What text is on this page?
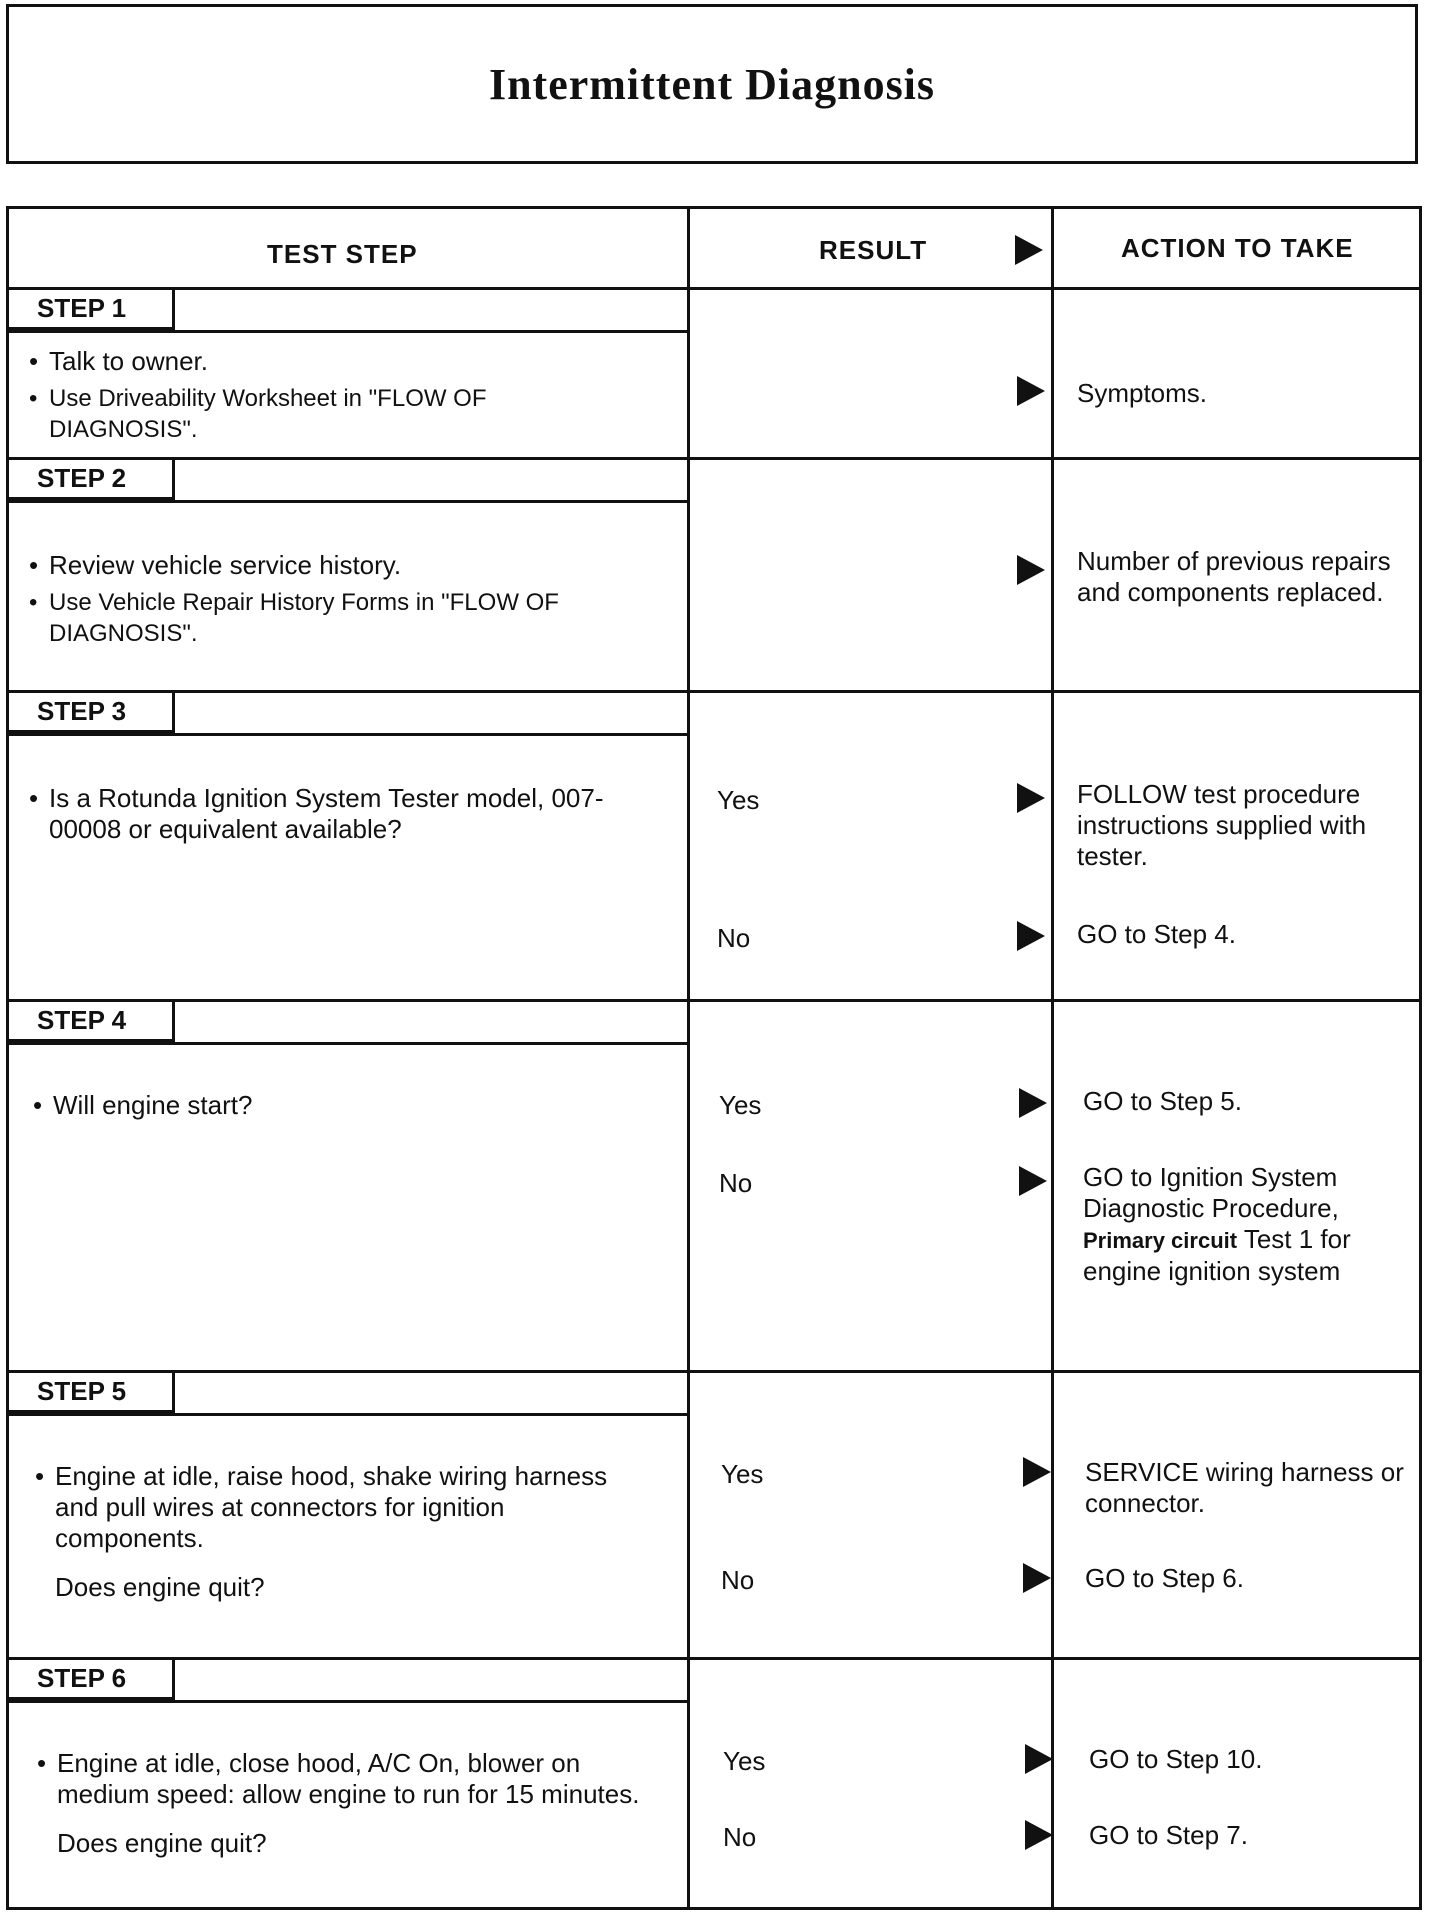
Intermittent Diagnosis
TEST STEP	RESULT	ACTION TO TAKE
STEP 1
• Talk to owner.
• Use Driveability Worksheet in "FLOW OF DIAGNOSIS".
Symptoms.
STEP 2
• Review vehicle service history.
• Use Vehicle Repair History Forms in "FLOW OF DIAGNOSIS".
Number of previous repairs and components replaced.
STEP 3
• Is a Rotunda Ignition System Tester model, 007-00008 or equivalent available?
Yes	FOLLOW test procedure instructions supplied with tester.
No	GO to Step 4.
STEP 4
• Will engine start?	Yes	GO to Step 5.
No	GO to Ignition System Diagnostic Procedure, Primary circuit Test 1 for engine ignition system
STEP 5
• Engine at idle, raise hood, shake wiring harness and pull wires at connectors for ignition components.
Does engine quit?
Yes	SERVICE wiring harness or connector.
No	GO to Step 6.
STEP 6
• Engine at idle, close hood, A/C On, blower on medium speed: allow engine to run for 15 minutes.
Does engine quit?
Yes	GO to Step 10.
No	GO to Step 7.
